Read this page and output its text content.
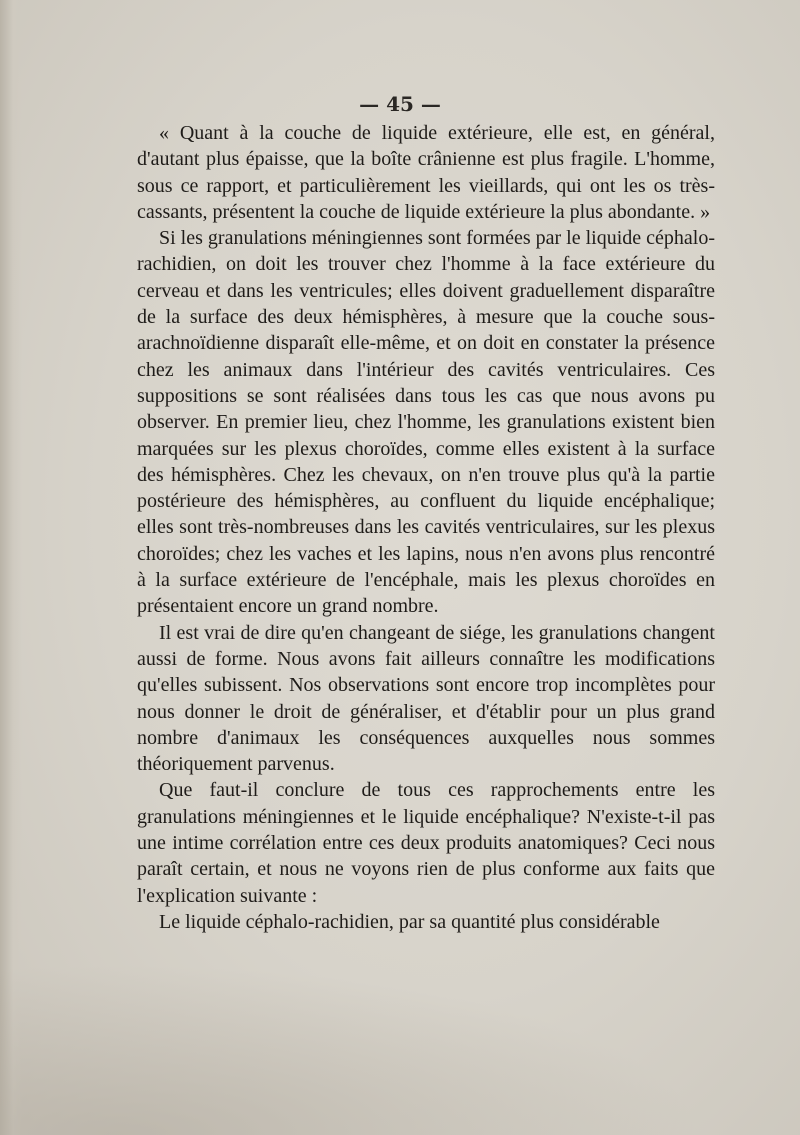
— 45 —

« Quant à la couche de liquide extérieure, elle est, en général, d'autant plus épaisse, que la boîte crânienne est plus fragile. L'homme, sous ce rapport, et particulièrement les vieillards, qui ont les os très-cassants, présentent la couche de liquide extérieure la plus abondante. »

Si les granulations méningiennes sont formées par le liquide céphalo-rachidien, on doit les trouver chez l'homme à la face extérieure du cerveau et dans les ventricules; elles doivent graduellement disparaître de la surface des deux hémisphères, à mesure que la couche sous-arachnoïdienne disparaît elle-même, et on doit en constater la présence chez les animaux dans l'intérieur des cavités ventriculaires. Ces suppositions se sont réalisées dans tous les cas que nous avons pu observer. En premier lieu, chez l'homme, les granulations existent bien marquées sur les plexus choroïdes, comme elles existent à la surface des hémisphères. Chez les chevaux, on n'en trouve plus qu'à la partie postérieure des hémisphères, au confluent du liquide encéphalique; elles sont très-nombreuses dans les cavités ventriculaires, sur les plexus choroïdes; chez les vaches et les lapins, nous n'en avons plus rencontré à la surface extérieure de l'encéphale, mais les plexus choroïdes en présentaient encore un grand nombre.

Il est vrai de dire qu'en changeant de siége, les granulations changent aussi de forme. Nous avons fait ailleurs connaître les modifications qu'elles subissent. Nos observations sont encore trop incomplètes pour nous donner le droit de généraliser, et d'établir pour un plus grand nombre d'animaux les conséquences auxquelles nous sommes théoriquement parvenus.

Que faut-il conclure de tous ces rapprochements entre les granulations méningiennes et le liquide encéphalique? N'existe-t-il pas une intime corrélation entre ces deux produits anatomiques? Ceci nous paraît certain, et nous ne voyons rien de plus conforme aux faits que l'explication suivante :

Le liquide céphalo-rachidien, par sa quantité plus considérable
